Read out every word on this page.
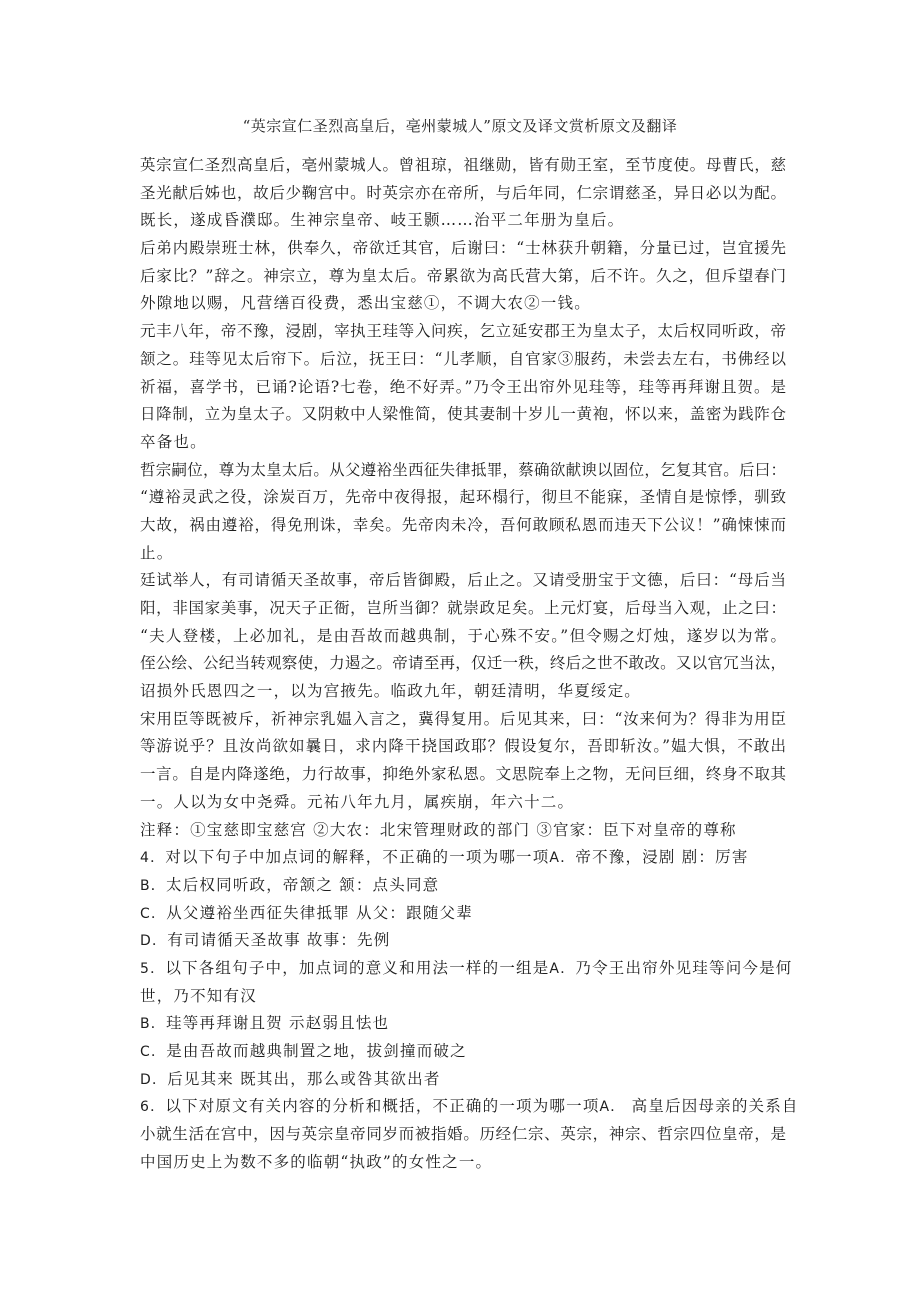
“英宗宣仁圣烈高皇后，亳州蒙城人”原文及译文赏析原文及翻译
英宗宣仁圣烈高皇后，亳州蒙城人。曾祖琼，祖继勋，皆有勋王室，至节度使。母曹氏，慈
圣光献后姊也，故后少鞠宫中。时英宗亦在帝所，与后年同，仁宗谓慈圣，异日必以为配。
既长，遂成昏濮邸。生神宗皇帝、岐王颢……治平二年册为皇后。
后弟内殿崇班士林，供奉久，帝欲迁其官，后谢曰：“士林获升朝籍，分量已过，岂宜援先
后家比？”辞之。神宗立，尊为皇太后。帝累欲为高氏营大第，后不许。久之，但斥望春门
外隙地以赐，凡营缮百役费，悉出宝慈①，不调大农②一钱。
元丰八年，帝不豫，浸剧，宰执王珪等入问疾，乞立延安郡王为皇太子，太后权同听政，帝
颔之。珪等见太后帘下。后泣，抚王曰：“儿孝顺，自官家③服药，未尝去左右，书佛经以
祈福，喜学书，已诵?论语?七卷，绝不好弄。”乃令王出帘外见珪等，珪等再拜谢且贺。是
日降制，立为皇太子。又阴敕中人梁惟简，使其妻制十岁儿一黄袍，怀以来，盖密为践阼仓
卒备也。
哲宗嗣位，尊为太皇太后。从父遵裕坐西征失律抵罪，蔡确欲献谀以固位，乞复其官。后曰：
“遵裕灵武之役，涂炭百万，先帝中夜得报，起环榻行，彻旦不能寐，圣情自是惊悸，驯致
大故，祸由遵裕，得免刑诛，幸矣。先帝肉未冷，吾何敢顾私恩而违天下公议！”确悚悚而
止。
廷试举人，有司请循天圣故事，帝后皆御殿，后止之。又请受册宝于文德，后曰：“母后当
阳，非国家美事，况天子正衙，岂所当御？就崇政足矣。上元灯宴，后母当入观，止之曰：
“夫人登楼，上必加礼，是由吾故而越典制，于心殊不安。”但令赐之灯烛，遂岁以为常。
侄公绘、公纪当转观察使，力遏之。帝请至再，仅迁一秩，终后之世不敢改。又以官冗当汰，
诏损外氏恩四之一，以为宫掖先。临政九年，朝廷清明，华夏绥定。
宋用臣等既被斥，祈神宗乳媪入言之，冀得复用。后见其来，曰：“汝来何为？得非为用臣
等游说乎？且汝尚欲如曩日，求内降干挠国政耶？假设复尔，吾即斩汝。”媪大惧，不敢出
一言。自是内降遂绝，力行故事，抑绝外家私恩。文思院奉上之物，无问巨细，终身不取其
一。人以为女中尧舜。元祐八年九月，属疾崩，年六十二。
注释：①宝慈即宝慈宫 ②大农：北宋管理财政的部门 ③官家：臣下对皇帝的尊称
4．对以下句子中加点词的解释，不正确的一项为哪一项A．帝不豫，浸剧 剧：厉害
B．太后权同听政，帝颔之 颔：点头同意
C．从父遵裕坐西征失律抵罪 从父：跟随父辈
D．有司请循天圣故事 故事：先例
5．以下各组句子中，加点词的意义和用法一样的一组是A．乃令王出帘外见珪等问今是何
世，乃不知有汉
B．珪等再拜谢且贺 示赵弱且怯也
C．是由吾故而越典制置之地，拔剑撞而破之
D．后见其来 既其出，那么或咎其欲出者
6．以下对原文有关内容的分析和概括，不正确的一项为哪一项A． 高皇后因母亲的关系自
小就生活在宫中，因与英宗皇帝同岁而被指婚。历经仁宗、英宗，神宗、哲宗四位皇帝，是
中国历史上为数不多的临朝“执政”的女性之一。
